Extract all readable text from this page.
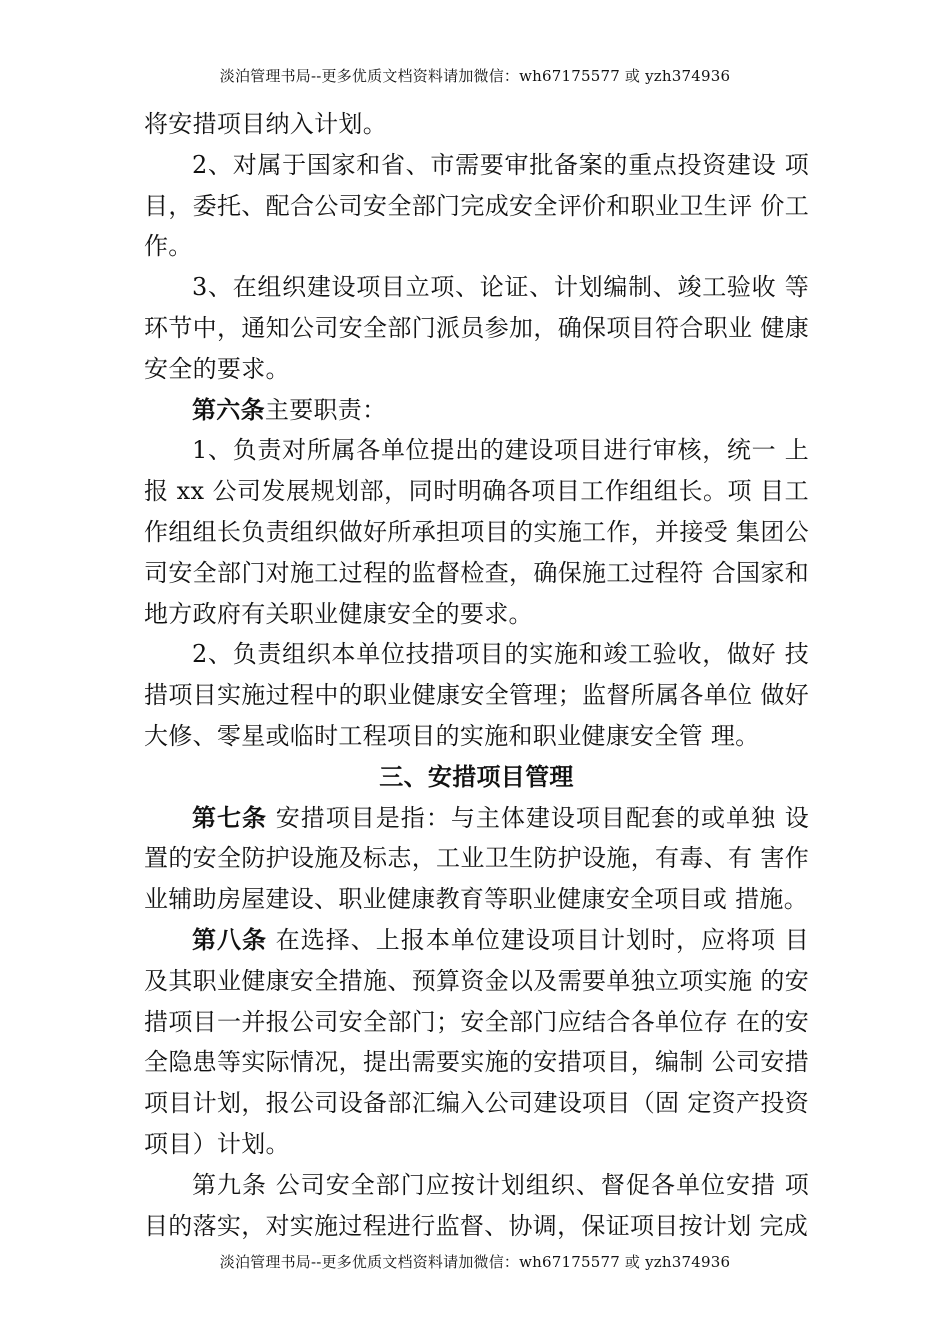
淡泊管理书局--更多优质文档资料请加微信：wh67175577 或 yzh374936

将安措项目纳入计划。

2、对属于国家和省、市需要审批备案的重点投资建设 项目，委托、配合公司安全部门完成安全评价和职业卫生评 价工作。

3、在组织建设项目立项、论证、计划编制、竣工验收 等环节中，通知公司安全部门派员参加，确保项目符合职业 健康安全的要求。

第六条主要职责：

1、负责对所属各单位提出的建设项目进行审核，统一 上报 xx 公司发展规划部，同时明确各项目工作组组长。项 目工作组组长负责组织做好所承担项目的实施工作，并接受 集团公司安全部门对施工过程的监督检查，确保施工过程符 合国家和地方政府有关职业健康安全的要求。

2、负责组织本单位技措项目的实施和竣工验收，做好 技措项目实施过程中的职业健康安全管理；监督所属各单位 做好大修、零星或临时工程项目的实施和职业健康安全管 理。

三、安措项目管理

第七条 安措项目是指：与主体建设项目配套的或单独 设置的安全防护设施及标志，工业卫生防护设施，有毒、有 害作业辅助房屋建设、职业健康教育等职业健康安全项目或 措施。

第八条 在选择、上报本单位建设项目计划时，应将项 目及其职业健康安全措施、预算资金以及需要单独立项实施 的安措项目一并报公司安全部门；安全部门应结合各单位存 在的安全隐患等实际情况，提出需要实施的安措项目，编制 公司安措项目计划，报公司设备部汇编入公司建设项目（固 定资产投资项目）计划。

第九条 公司安全部门应按计划组织、督促各单位安措 项目的落实，对实施过程进行监督、协调，保证项目按计划 完成

淡泊管理书局--更多优质文档资料请加微信：wh67175577 或 yzh374936
